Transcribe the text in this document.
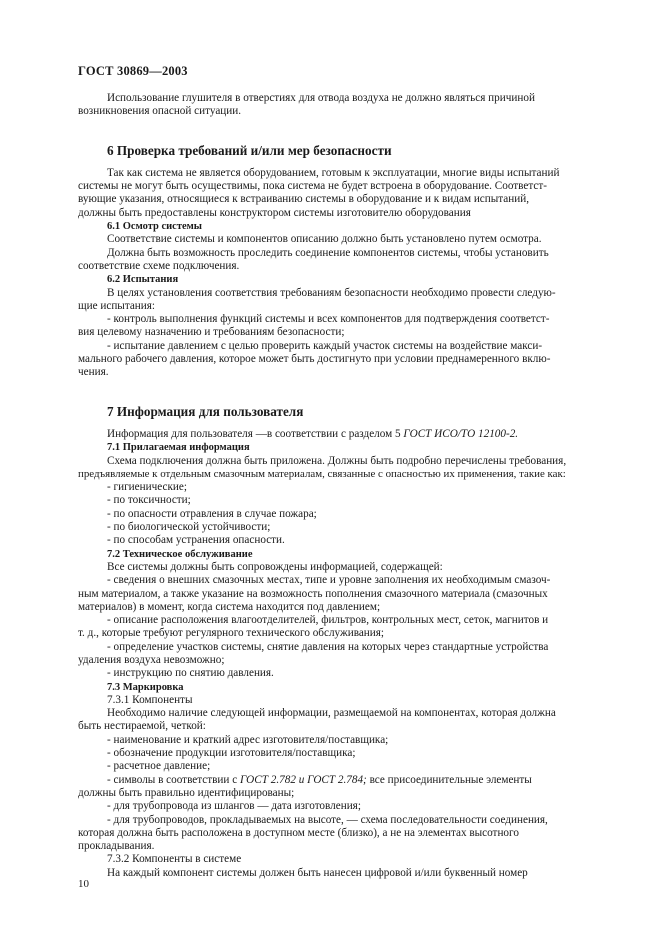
ГОСТ 30869—2003

Использование глушителя в отверстиях для отвода воздуха не должно являться причиной

возникновения опасной ситуации.

6 Проверка требований и/или мер безопасности

Так как система не является оборудованием, готовым к эксплуатации, многие виды испытаний

системы не могут быть осуществимы, пока система не будет встроена в оборудование. Соответст-

вующие указания, относящиеся к встраиванию системы в оборудование и к видам испытаний,

должны быть предоставлены конструктором системы изготовителю оборудования

6.1 Осмотр системы

Соответствие системы и компонентов описанию должно быть установлено путем осмотра.

Должна быть возможность проследить соединение компонентов системы, чтобы установить

соответствие схеме подключения.

6.2 Испытания

В целях установления соответствия требованиям безопасности необходимо провести следую-

щие испытания:

- контроль выполнения функций системы и всех компонентов для подтверждения соответст-

вия целевому назначению и требованиям безопасности;

- испытание давлением с целью проверить каждый участок системы на воздействие макси-

мального рабочего давления, которое может быть достигнуто при условии преднамеренного вклю-

чения.

7 Информация для пользователя

Информация для пользователя —в соответствии с разделом 5 ГОСТ ИСО/ТО 12100-2.

7.1 Прилагаемая информация

Схема подключения должна быть приложена. Должны быть подробно перечислены требования,

предъявляемые к отдельным смазочным материалам, связанные с опасностью их применения, такие как:

- гигиенические;

- по токсичности;

- по опасности отравления в случае пожара;

- по биологической устойчивости;

- по способам устранения опасности.

7.2 Техническое обслуживание

Все системы должны быть сопровождены информацией, содержащей:

- сведения о внешних смазочных местах, типе и уровне заполнения их необходимым смазоч-

ным материалом, а также указание на возможность пополнения смазочного материала (смазочных

материалов) в момент, когда система находится под давлением;

- описание расположения влагоотделителей, фильтров, контрольных мест, сеток, магнитов и

т. д., которые требуют регулярного технического обслуживания;

- определение участков системы, снятие давления на которых через стандартные устройства

удаления воздуха невозможно;

- инструкцию по снятию давления.

7.3 Маркировка

7.3.1 Компоненты

Необходимо наличие следующей информации, размещаемой на компонентах, которая должна

быть нестираемой, четкой:

- наименование и краткий адрес изготовителя/поставщика;

- обозначение продукции изготовителя/поставщика;

- расчетное давление;

- символы в соответствии с ГОСТ 2.782 и ГОСТ 2.784; все присоединительные элементы

должны быть правильно идентифицированы;

- для трубопровода из шлангов — дата изготовления;

- для трубопроводов, прокладываемых на высоте, — схема последовательности соединения,

которая должна быть расположена в доступном месте (близко), а не на элементах высотного

прокладывания.

7.3.2 Компоненты в системе

На каждый компонент системы должен быть нанесен цифровой и/или буквенный номер

10
